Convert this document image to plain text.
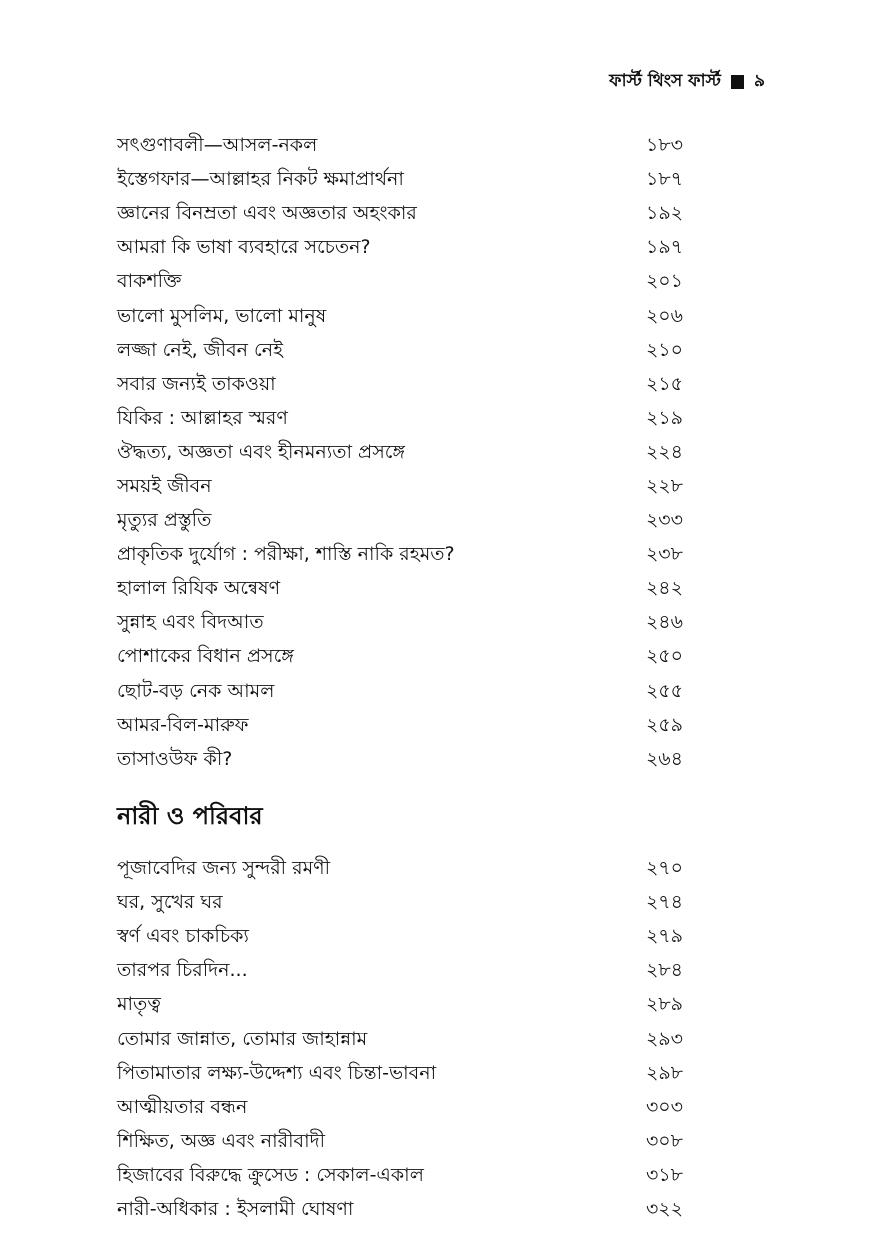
ফার্স্ট থিংস ফার্স্ট ৯
সৎগুণাবলী—আসল-নকল	১৮৩
ইস্তেগফার—আল্লাহর নিকট ক্ষমাপ্রার্থনা	১৮৭
জ্ঞানের বিনম্রতা এবং অজ্ঞতার অহংকার	১৯২
আমরা কি ভাষা ব্যবহারে সচেতন?	১৯৭
বাকশক্তি	২০১
ভালো মুসলিম, ভালো মানুষ	২০৬
লজ্জা নেই, জীবন নেই	২১০
সবার জন্যই তাকওয়া	২১৫
যিকির : আল্লাহর স্মরণ	২১৯
ঔদ্ধত্য, অজ্ঞতা এবং হীনমন্যতা প্রসঙ্গে	২২৪
সময়ই জীবন	২২৮
মৃত্যুর প্রস্তুতি	২৩৩
প্রাকৃতিক দুর্যোগ : পরীক্ষা, শাস্তি নাকি রহমত?	২৩৮
হালাল রিযিক অন্বেষণ	২৪২
সুন্নাহ এবং বিদআত	২৪৬
পোশাকের বিধান প্রসঙ্গে	২৫০
ছোট-বড় নেক আমল	২৫৫
আমর-বিল-মারুফ	২৫৯
তাসাওউফ কী?	২৬৪
নারী ও পরিবার
পূজাবেদির জন্য সুন্দরী রমণী	২৭০
ঘর, সুখের ঘর	২৭৪
স্বর্ণ এবং চাকচিক্য	২৭৯
তারপর চিরদিন...	২৮৪
মাতৃত্ব	২৮৯
তোমার জান্নাত, তোমার জাহান্নাম	২৯৩
পিতামাতার লক্ষ্য-উদ্দেশ্য এবং চিন্তা-ভাবনা	২৯৮
আত্মীয়তার বন্ধন	৩০৩
শিক্ষিত, অজ্ঞ এবং নারীবাদী	৩০৮
হিজাবের বিরুদ্ধে ক্রুসেড : সেকাল-একাল	৩১৮
নারী-অধিকার : ইসলামী ঘোষণা	৩২২
